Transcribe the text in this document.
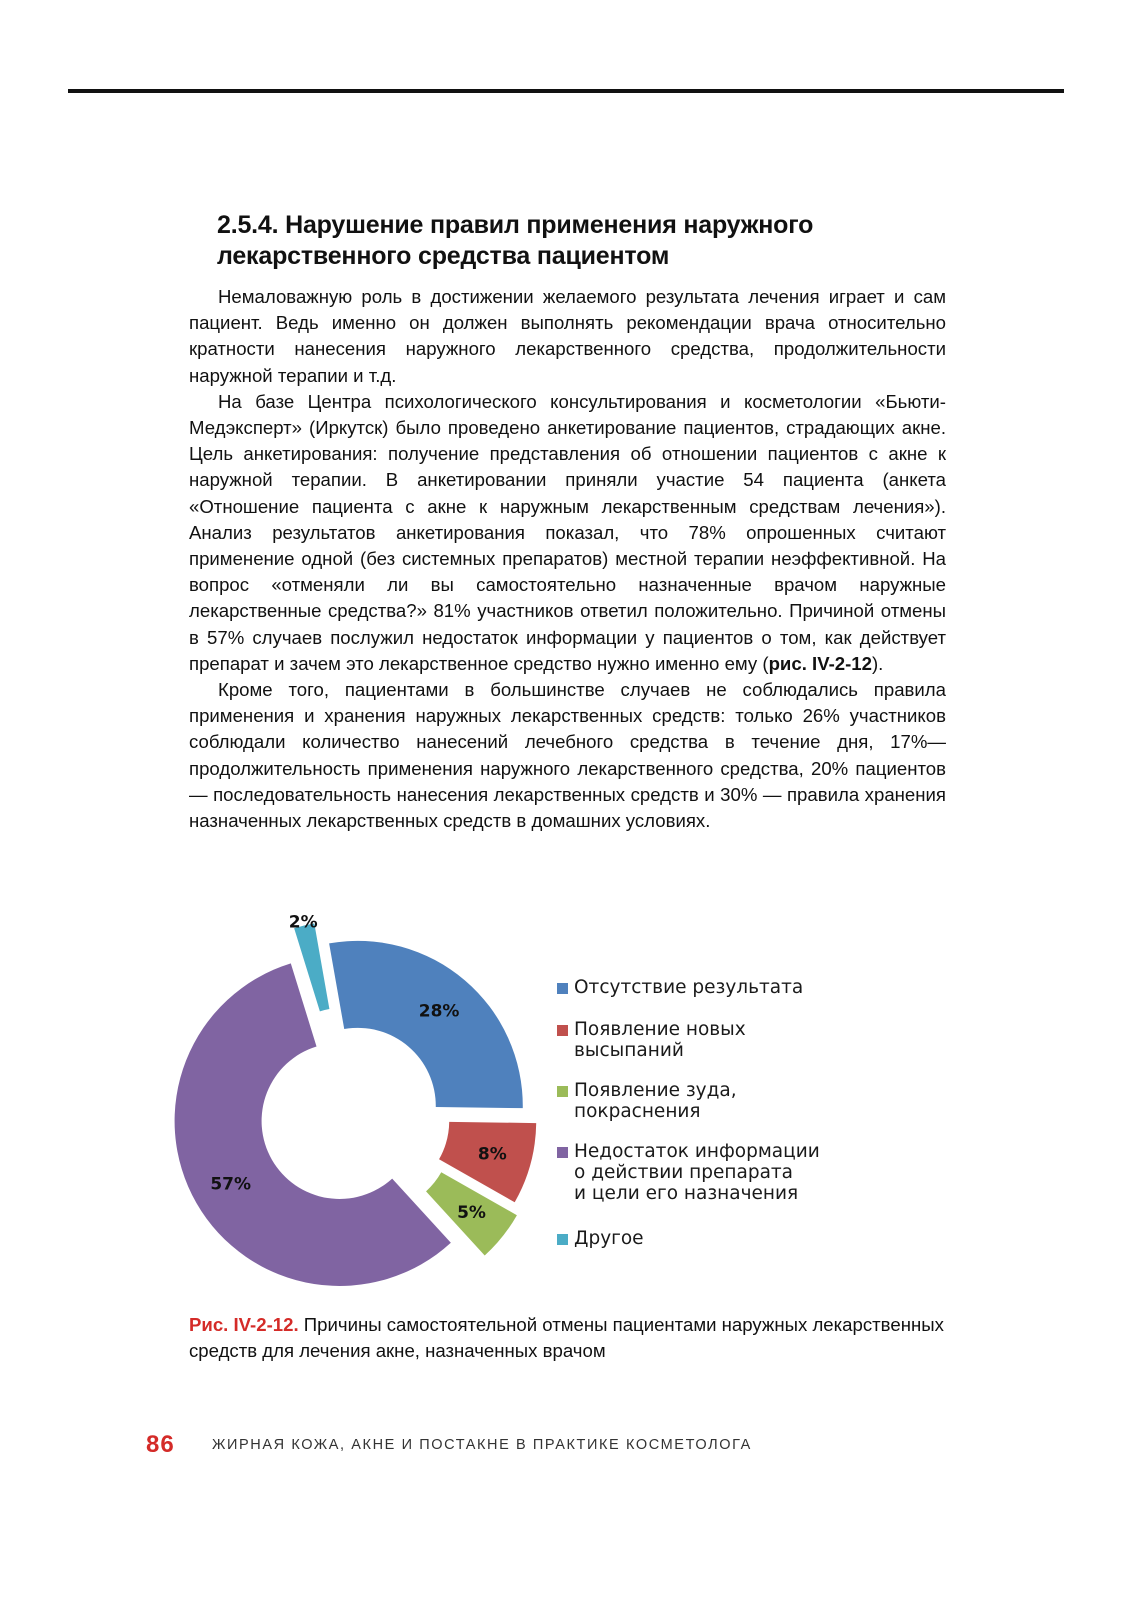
2.5.4. Нарушение правил применения наружного лекарственного средства пациентом

Немаловажную роль в достижении желаемого результата лечения играет и сам пациент. Ведь именно он должен выполнять рекомендации врача относительно кратности нанесения наружного лекарственного средства, продолжительности наружной терапии и т.д.

На базе Центра психологического консультирования и косметологии «Бьюти-Медэксперт» (Иркутск) было проведено анкетирование пациентов, страдающих акне. Цель анкетирования: получение представления об отношении пациентов с акне к наружной терапии. В анкетировании приняли участие 54 пациента (анкета «Отношение пациента с акне к наружным лекарственным средствам лечения»). Анализ результатов анкетирования показал, что 78% опрошенных считают применение одной (без системных препаратов) местной терапии неэффективной. На вопрос «отменяли ли вы самостоятельно назначенные врачом наружные лекарственные средства?» 81% участников ответил положительно. Причиной отмены в 57% случаев послужил недостаток информации у пациентов о том, как действует препарат и зачем это лекарственное средство нужно именно ему (рис. IV-2-12).

Кроме того, пациентами в большинстве случаев не соблюдались правила применения и хранения наружных лекарственных средств: только 26% участников соблюдали количество нанесений лечебного средства в течение дня, 17%— продолжительность применения наружного лекарственного средства, 20% пациентов — последовательность нанесения лекарственных средств и 30% — правила хранения назначенных лекарственных средств в домашних условиях.

28%
8%
5%
57%
2%
Отсутствие результата
Появление новых
высыпаний
Появление зуда,
покраснения
Недостаток информации
о действии препарата
и цели его назначения
Другое

Рис. IV-2-12. Причины самостоятельной отмены пациентами наружных лекарственных средств для лечения акне, назначенных врачом

86	ЖИРНАЯ КОЖА, АКНЕ И ПОСТАКНЕ В ПРАКТИКЕ КОСМЕТОЛОГА
